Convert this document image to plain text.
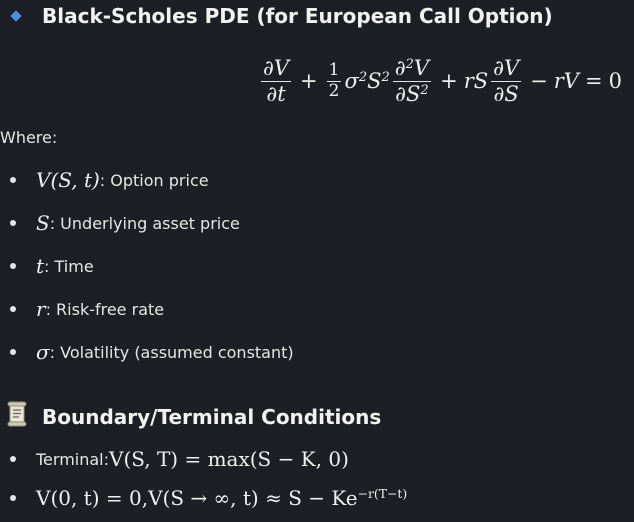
Black-Scholes PDE (for European Call Option)
$\frac{\partial V}{\partial t} + \frac{1}{2} \sigma^2$ $S^2 \frac{\partial^2V}{\partial S^2}$ + rS $\frac{\partial V}{\partial S}$ − rV = 0
Where:
V(S, t) : Option price
S : Underlying asset price
t : Time
r : Risk-free rate
σ : Volatility (assumed constant)
Boundary/Terminal Conditions
Terminal: V(S, T) = max(S − K, 0)
V(0, t) = 0 , V(S → ∞, $t) \approx S - Ke^{-r(T-t)}$
